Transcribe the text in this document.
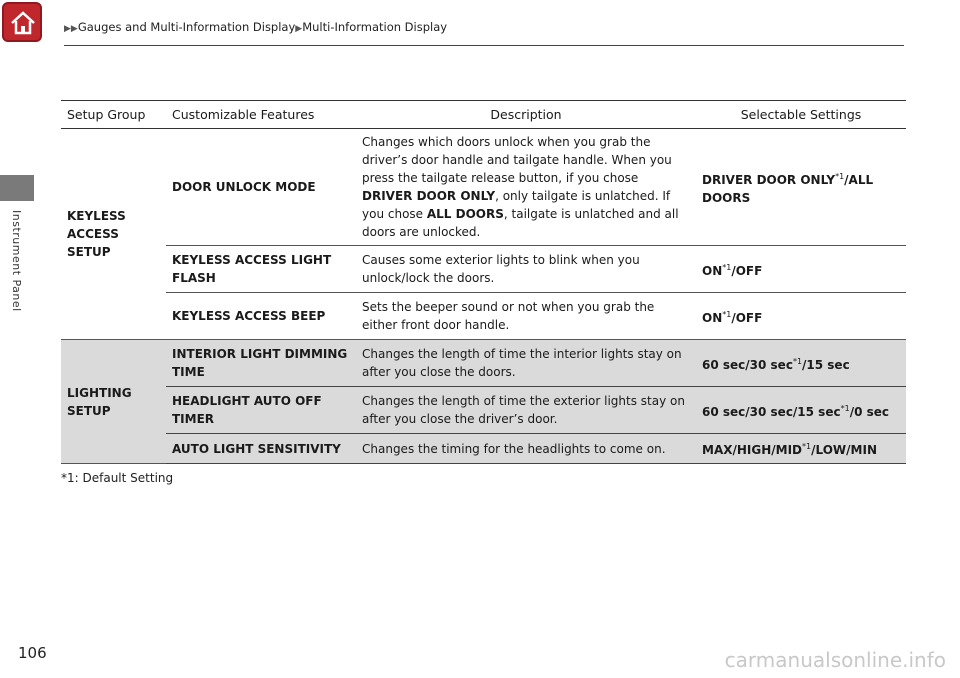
▶▶Gauges and Multi-Information Display▶Multi-Information Display
Instrument Panel
Setup Group	Customizable Features	Description	Selectable Settings
KEYLESS ACCESS SETUP	DOOR UNLOCK MODE	Changes which doors unlock when you grab the driver’s door handle and tailgate handle. When you press the tailgate release button, if you chose DRIVER DOOR ONLY, only tailgate is unlatched. If you chose ALL DOORS, tailgate is unlatched and all doors are unlocked.	DRIVER DOOR ONLY$^{*1}$/ALL DOORS
	KEYLESS ACCESS LIGHT FLASH	Causes some exterior lights to blink when you unlock/lock the doors.	ON$^{*1}$/OFF
	KEYLESS ACCESS BEEP	Sets the beeper sound or not when you grab the either front door handle.	ON$^{*1}$/OFF
LIGHTING SETUP	INTERIOR LIGHT DIMMING TIME	Changes the length of time the interior lights stay on after you close the doors.	60 sec/30 $\sec^{*1}/15$ sec
	HEADLIGHT AUTO OFF TIMER	Changes the length of time the exterior lights stay on after you close the driver’s door.	60 sec/30 sec/15 $\sec^{*1}/0$ sec
	AUTO LIGHT SENSITIVITY	Changes the timing for the headlights to come on.	MAX/HIGH/MID$^{*1}$/LOW/MIN
*1: Default Setting
106	carmanualsonline.info
